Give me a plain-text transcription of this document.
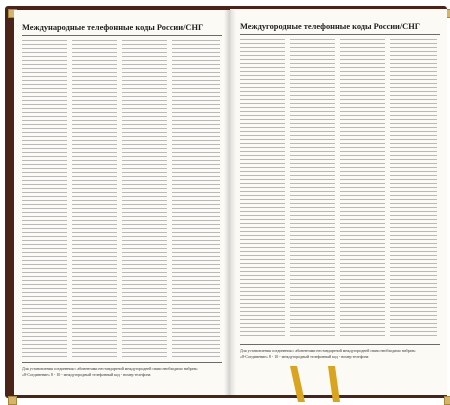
Международные телефонные коды России/СНГ
Для установления соединения с абонентами нестандартной междугородней связи необходимо набрать:
«8-Соединение» 8 - 10 - междугородный телефонный код - номер телефона
Междугородные телефонные коды России/СНГ
Для установления соединения с абонентами нестандартной междугородней связи необходимо набрать:
«8-Соединение» 8 - 10 - междугородный телефонный код - номер телефона
